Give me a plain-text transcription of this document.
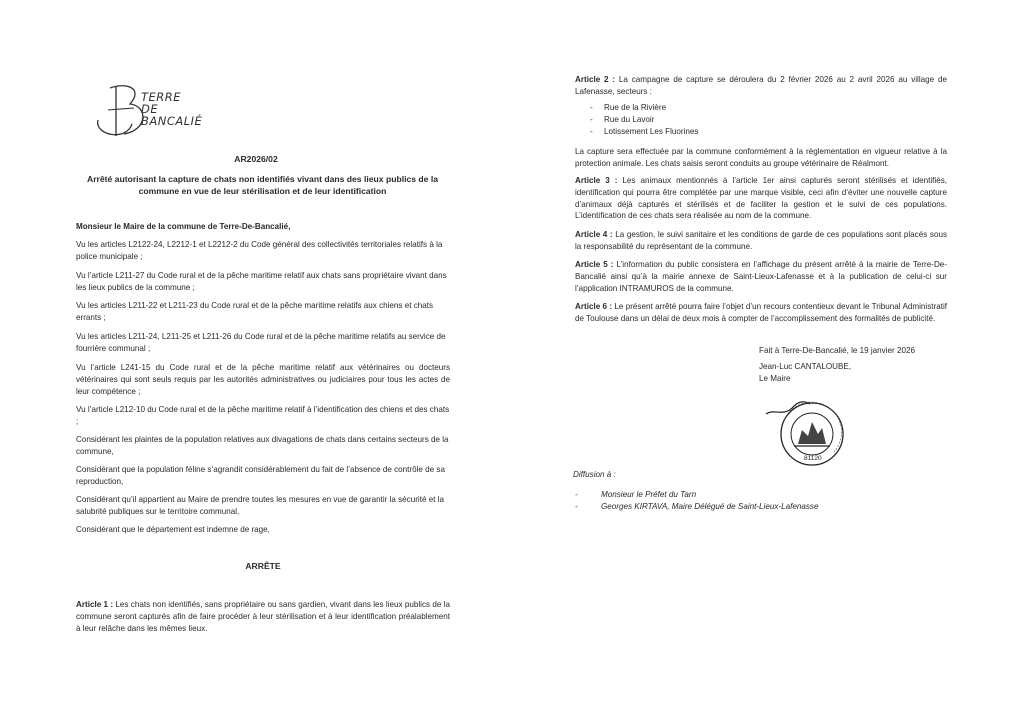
TERRE
DE
BANCALIÉ
AR2026/02
Arrêté autorisant la capture de chats non identifiés vivant dans des lieux publics de la commune en vue de leur stérilisation et de leur identification
Monsieur le Maire de la commune de Terre-De-Bancalié,
Vu les articles L2122-24, L2212-1 et L2212-2 du Code général des collectivités territoriales relatifs à la police municipale ;
Vu l’article L211-27 du Code rural et de la pêche maritime relatif aux chats sans propriétaire vivant dans les lieux publics de la commune ;
Vu les articles L211-22 et L211-23 du Code rural et de la pêche maritime relatifs aux chiens et chats errants ;
Vu les articles L211-24, L211-25 et L211-26 du Code rural et de la pêche maritime relatifs au service de fourrière communal ;
Vu l’article L241-15 du Code rural et de la pêche maritime relatif aux vétérinaires ou docteurs vétérinaires qui sont seuls requis par les autorités administratives ou judiciaires pour tous les actes de leur compétence ;
Vu l’article L212-10 du Code rural et de la pêche maritime relatif à l’identification des chiens et des chats ;
Considérant les plaintes de la population relatives aux divagations de chats dans certains secteurs de la commune,
Considérant que la population féline s’agrandit considérablement du fait de l’absence de contrôle de sa reproduction,
Considérant qu’il appartient au Maire de prendre toutes les mesures en vue de garantir la sécurité et la salubrité publiques sur le territoire communal,
Considérant que le département est indemne de rage,
ARRÊTE
Article 1 : Les chats non identifiés, sans propriétaire ou sans gardien, vivant dans les lieux publics de la commune seront capturés afin de faire procéder à leur stérilisation et à leur identification préalablement à leur relâche dans les mêmes lieux.
Article 2 : La campagne de capture se déroulera du 2 février 2026 au 2 avril 2026 au village de Lafenasse, secteurs :
- Rue de la Rivière
- Rue du Lavoir
- Lotissement Les Fluorines
La capture sera effectuée par la commune conformément à la règlementation en vigueur relative à la protection animale. Les chats saisis seront conduits au groupe vétérinaire de Réalmont.
Article 3 : Les animaux mentionnés à l’article 1er ainsi capturés seront stérilisés et identifiés, identification qui pourra être complétée par une marque visible, ceci afin d’éviter une nouvelle capture d’animaux déjà capturés et stérilisés et de faciliter la gestion et le suivi de ces populations. L’identification de ces chats sera réalisée au nom de la commune.
Article 4 : La gestion, le suivi sanitaire et les conditions de garde de ces populations sont placés sous la responsabilité du représentant de la commune.
Article 5 : L’information du public consistera en l’affichage du présent arrêté à la mairie de Terre-De-Bancalié ainsi qu’à la mairie annexe de Saint-Lieux-Lafenasse et à la publication de celui-ci sur l’application INTRAMUROS de la commune.
Article 6 : Le présent arrêté pourra faire l’objet d’un recours contentieux devant le Tribunal Administratif de Toulouse dans un délai de deux mois à compter de l’accomplissement des formalités de publicité.
Fait à Terre-De-Bancalié, le 19 janvier 2026
Jean-Luc CANTALOUBE,
Le Maire
81120
Diffusion à :
- Monsieur le Préfet du Tarn
- Georges KIRTAVA, Maire Délégué de Saint-Lieux-Lafenasse
